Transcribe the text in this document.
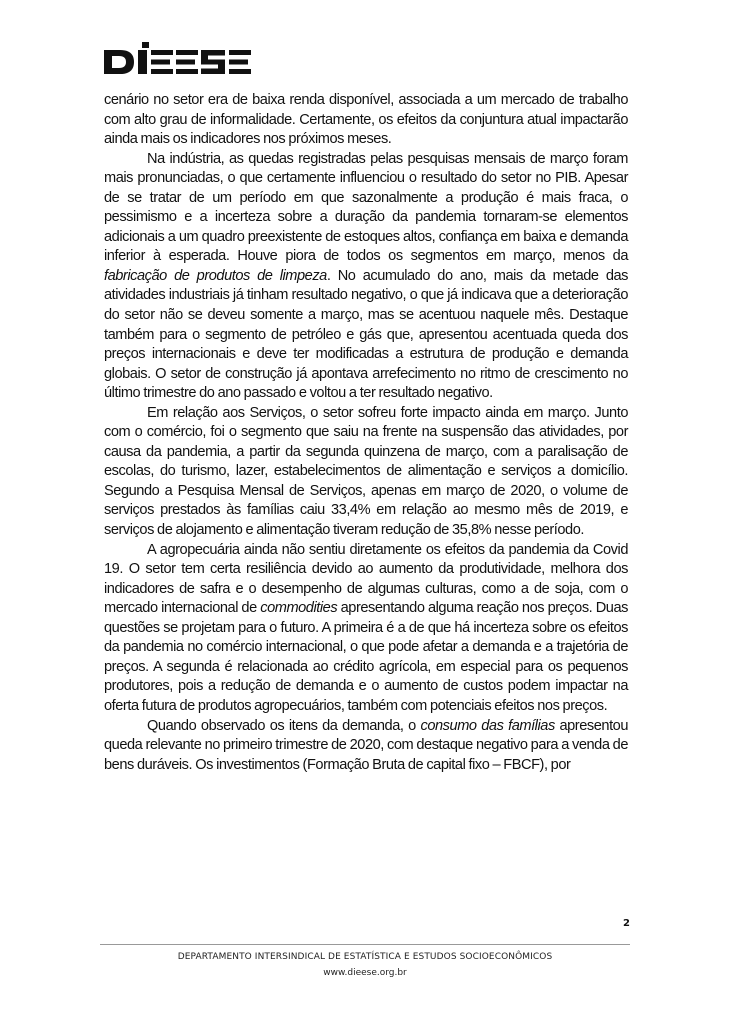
cenário no setor era de baixa renda disponível, associada a um mercado de trabalho com alto grau de informalidade. Certamente, os efeitos da conjuntura atual impactarão ainda mais os indicadores nos próximos meses.

Na indústria, as quedas registradas pelas pesquisas mensais de março foram mais pronunciadas, o que certamente influenciou o resultado do setor no PIB. Apesar de se tratar de um período em que sazonalmente a produção é mais fraca, o pessimismo e a incerteza sobre a duração da pandemia tornaram-se elementos adicionais a um quadro preexistente de estoques altos, confiança em baixa e demanda inferior à esperada. Houve piora de todos os segmentos em março, menos da fabricação de produtos de limpeza. No acumulado do ano, mais da metade das atividades industriais já tinham resultado negativo, o que já indicava que a deterioração do setor não se deveu somente a março, mas se acentuou naquele mês. Destaque também para o segmento de petróleo e gás que, apresentou acentuada queda dos preços internacionais e deve ter modificadas a estrutura de produção e demanda globais. O setor de construção já apontava arrefecimento no ritmo de crescimento no último trimestre do ano passado e voltou a ter resultado negativo.

Em relação aos Serviços, o setor sofreu forte impacto ainda em março. Junto com o comércio, foi o segmento que saiu na frente na suspensão das atividades, por causa da pandemia, a partir da segunda quinzena de março, com a paralisação de escolas, do turismo, lazer, estabelecimentos de alimentação e serviços a domicílio. Segundo a Pesquisa Mensal de Serviços, apenas em março de 2020, o volume de serviços prestados às famílias caiu 33,4% em relação ao mesmo mês de 2019, e serviços de alojamento e alimentação tiveram redução de 35,8% nesse período.

A agropecuária ainda não sentiu diretamente os efeitos da pandemia da Covid 19. O setor tem certa resiliência devido ao aumento da produtividade, melhora dos indicadores de safra e o desempenho de algumas culturas, como a de soja, com o mercado internacional de commodities apresentando alguma reação nos preços. Duas questões se projetam para o futuro. A primeira é a de que há incerteza sobre os efeitos da pandemia no comércio internacional, o que pode afetar a demanda e a trajetória de preços. A segunda é relacionada ao crédito agrícola, em especial para os pequenos produtores, pois a redução de demanda e o aumento de custos podem impactar na oferta futura de produtos agropecuários, também com potenciais efeitos nos preços.

Quando observado os itens da demanda, o consumo das famílias apresentou queda relevante no primeiro trimestre de 2020, com destaque negativo para a venda de bens duráveis. Os investimentos (Formação Bruta de capital fixo – FBCF), por

2
DEPARTAMENTO INTERSINDICAL DE ESTATÍSTICA E ESTUDOS SOCIOECONÔMICOS
www.dieese.org.br
